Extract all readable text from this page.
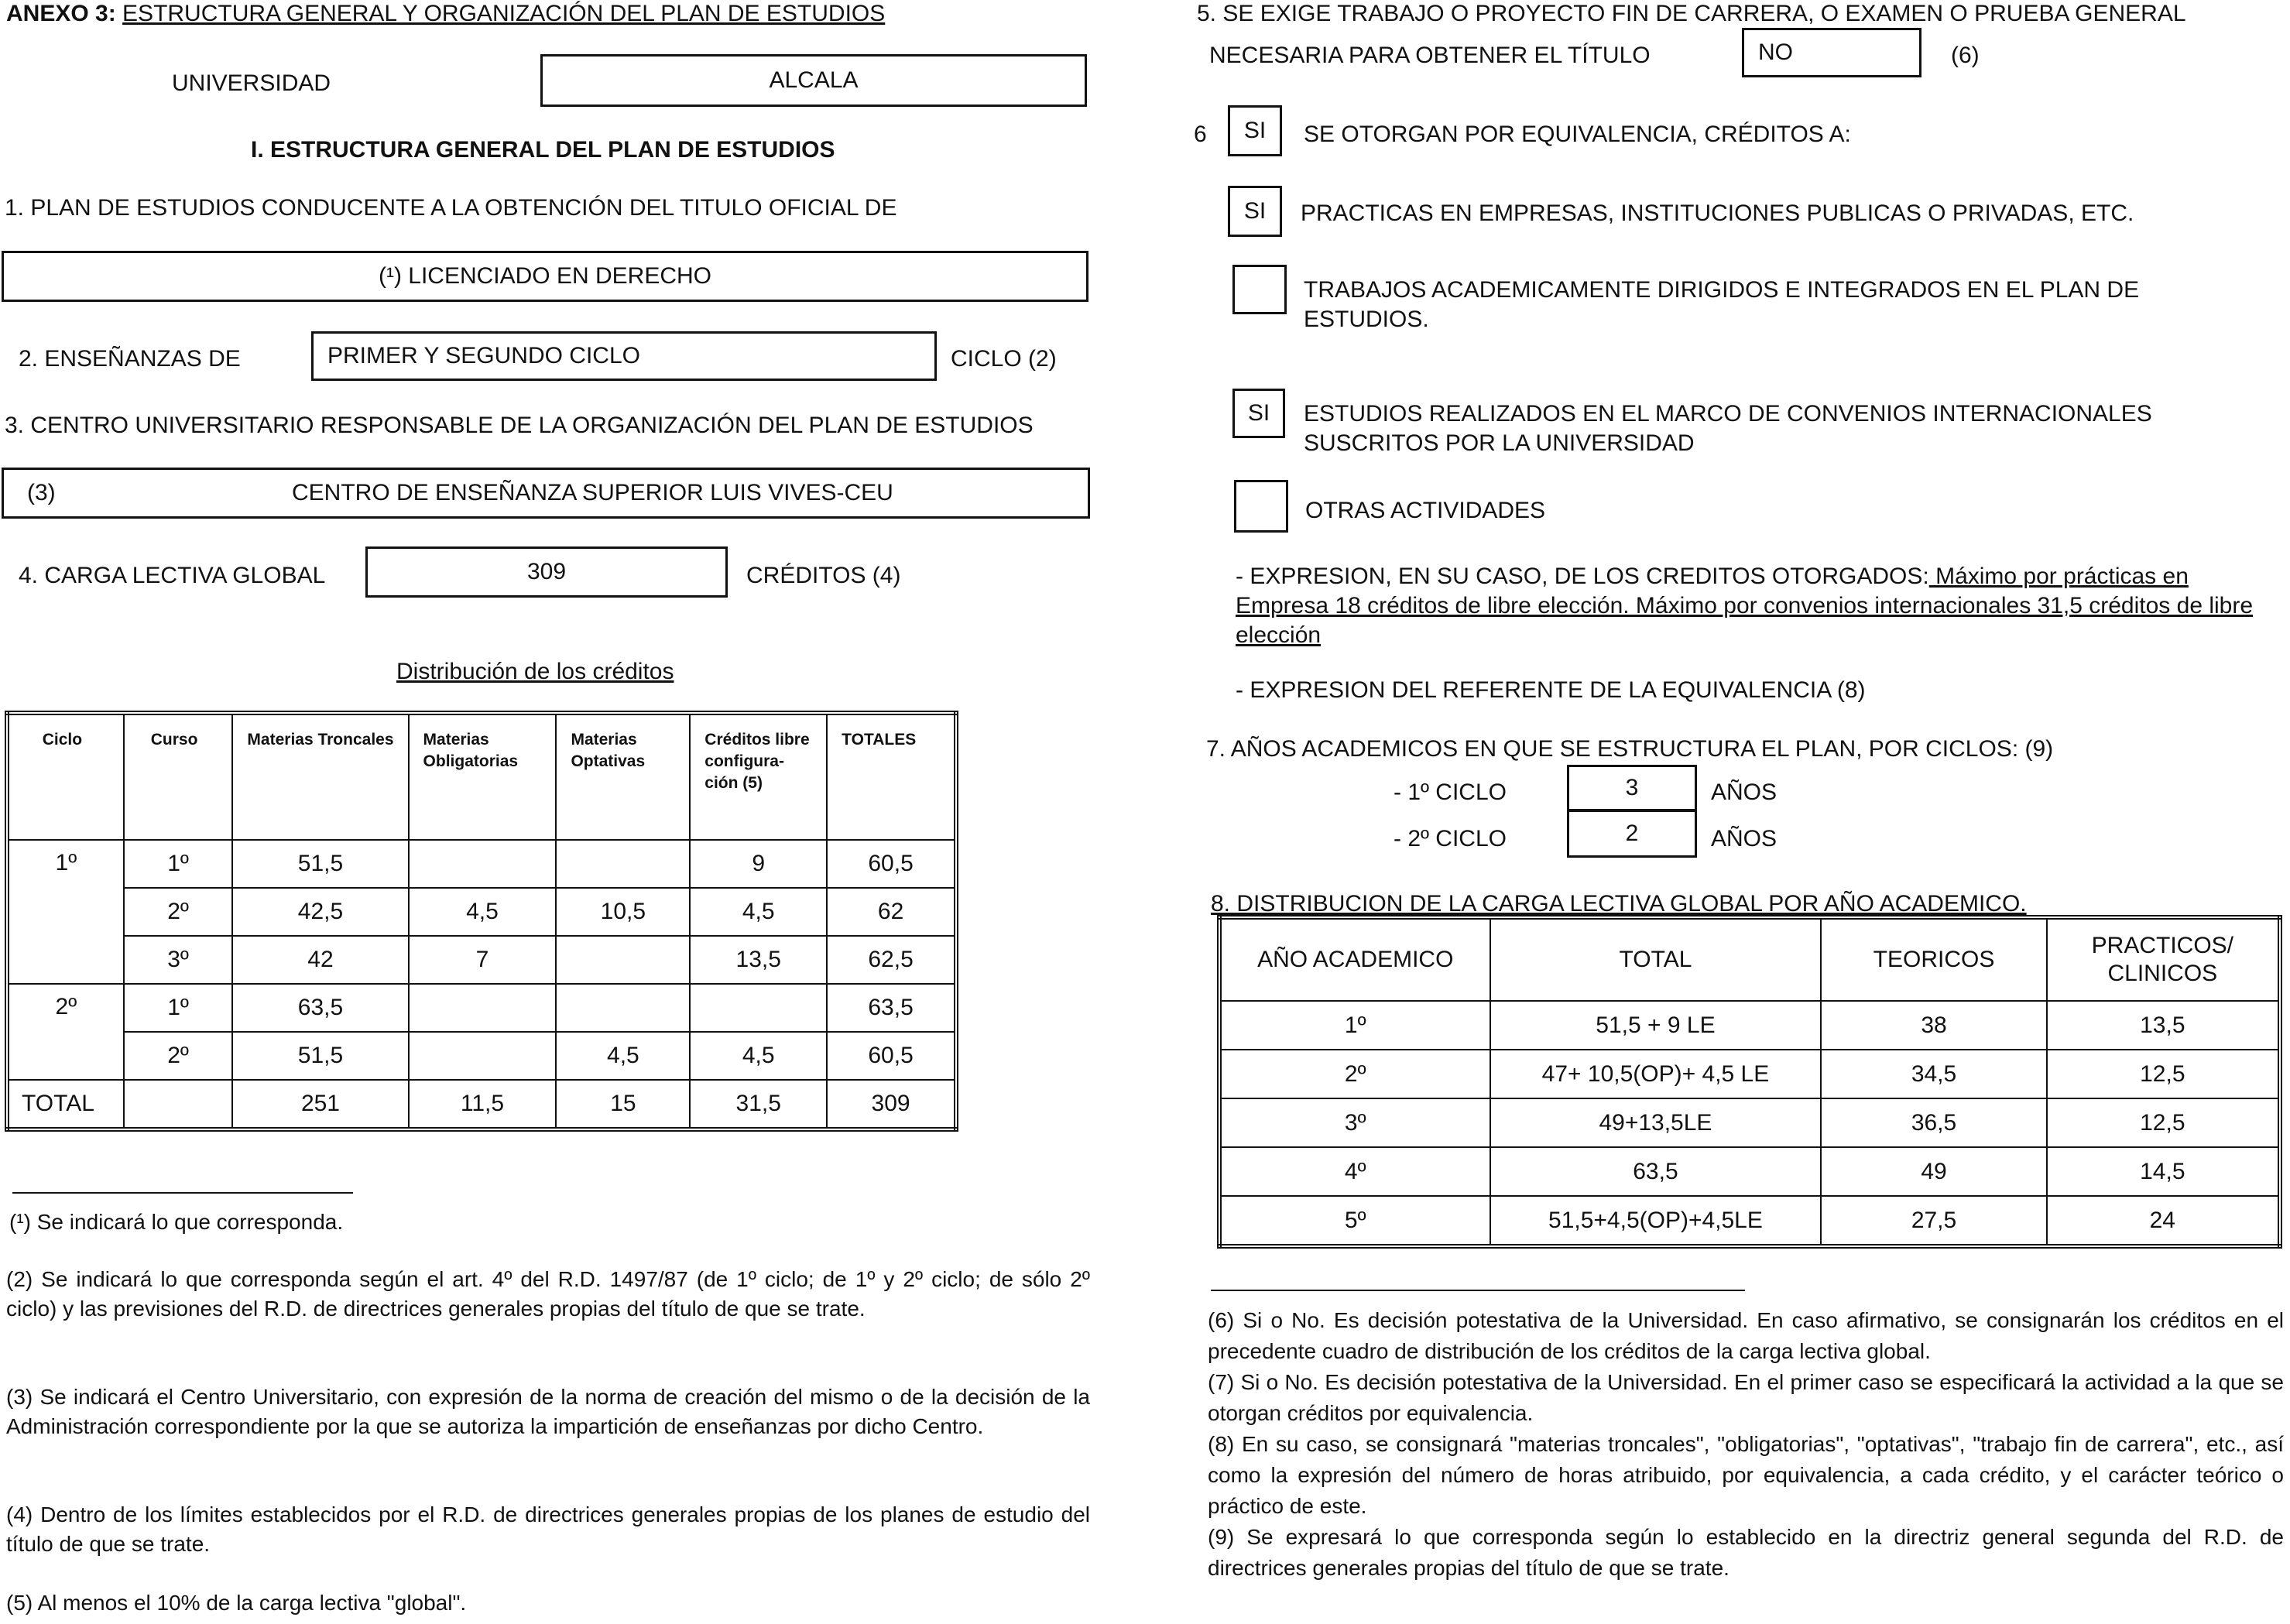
ANEXO 3: ESTRUCTURA GENERAL Y ORGANIZACIÓN DEL PLAN DE ESTUDIOS
UNIVERSIDAD	ALCALA
I. ESTRUCTURA GENERAL DEL PLAN DE ESTUDIOS
1. PLAN DE ESTUDIOS CONDUCENTE A LA OBTENCIÓN DEL TITULO OFICIAL DE
(¹) LICENCIADO EN DERECHO
2. ENSEÑANZAS DE	PRIMER Y SEGUNDO CICLO	CICLO (2)
3. CENTRO UNIVERSITARIO RESPONSABLE DE LA ORGANIZACIÓN DEL PLAN DE ESTUDIOS
(3)	CENTRO DE ENSEÑANZA SUPERIOR LUIS VIVES-CEU
4. CARGA LECTIVA GLOBAL	309	CRÉDITOS (4)
Distribución de los créditos
Ciclo	Curso	Materias Troncales	Materias Obligatorias	Materias Optativas	Créditos libre configura- ción (5)	TOTALES
1º	1º	51,5			9	60,5
	2º	42,5	4,5	10,5	4,5	62
	3º	42	7		13,5	62,5
2º	1º	63,5				63,5
	2º	51,5		4,5	4,5	60,5
TOTAL		251	11,5	15	31,5	309
(¹) Se indicará lo que corresponda.
(2) Se indicará lo que corresponda según el art. 4º del R.D. 1497/87 (de 1º ciclo; de 1º y 2º ciclo; de sólo 2º ciclo) y las previsiones del R.D. de directrices generales propias del título de que se trate.
(3) Se indicará el Centro Universitario, con expresión de la norma de creación del mismo o de la decisión de la Administración correspondiente por la que se autoriza la impartición de enseñanzas por dicho Centro.
(4) Dentro de los límites establecidos por el R.D. de directrices generales propias de los planes de estudio del título de que se trate.
(5) Al menos el 10% de la carga lectiva "global".
5. SE EXIGE TRABAJO O PROYECTO FIN DE CARRERA, O EXAMEN O PRUEBA GENERAL
NECESARIA PARA OBTENER EL TÍTULO	NO	(6)
6 SI SE OTORGAN POR EQUIVALENCIA, CRÉDITOS A:
SI PRACTICAS EN EMPRESAS, INSTITUCIONES PUBLICAS O PRIVADAS, ETC.
TRABAJOS ACADEMICAMENTE DIRIGIDOS E INTEGRADOS EN EL PLAN DE ESTUDIOS.
SI ESTUDIOS REALIZADOS EN EL MARCO DE CONVENIOS INTERNACIONALES SUSCRITOS POR LA UNIVERSIDAD
OTRAS ACTIVIDADES
- EXPRESION, EN SU CASO, DE LOS CREDITOS OTORGADOS: Máximo por prácticas en Empresa 18 créditos de libre elección. Máximo por convenios internacionales 31,5 créditos de libre elección
- EXPRESION DEL REFERENTE DE LA EQUIVALENCIA (8)
7. AÑOS ACADEMICOS EN QUE SE ESTRUCTURA EL PLAN, POR CICLOS: (9)
- 1º CICLO	3	AÑOS
- 2º CICLO	2	AÑOS
8. DISTRIBUCION DE LA CARGA LECTIVA GLOBAL POR AÑO ACADEMICO.
AÑO ACADEMICO	TOTAL	TEORICOS	PRACTICOS/ CLINICOS
1º	51,5 + 9 LE	38	13,5
2º	47+ 10,5(OP)+ 4,5 LE	34,5	12,5
3º	49+13,5LE	36,5	12,5
4º	63,5	49	14,5
5º	51,5+4,5(OP)+4,5LE	27,5	24
(6) Si o No. Es decisión potestativa de la Universidad. En caso afirmativo, se consignarán los créditos en el precedente cuadro de distribución de los créditos de la carga lectiva global.
(7) Si o No. Es decisión potestativa de la Universidad. En el primer caso se especificará la actividad a la que se otorgan créditos por equivalencia.
(8) En su caso, se consignará "materias troncales", "obligatorias", "optativas", "trabajo fin de carrera", etc., así como la expresión del número de horas atribuido, por equivalencia, a cada crédito, y el carácter teórico o práctico de este.
(9) Se expresará lo que corresponda según lo establecido en la directriz general segunda del R.D. de directrices generales propias del título de que se trate.
